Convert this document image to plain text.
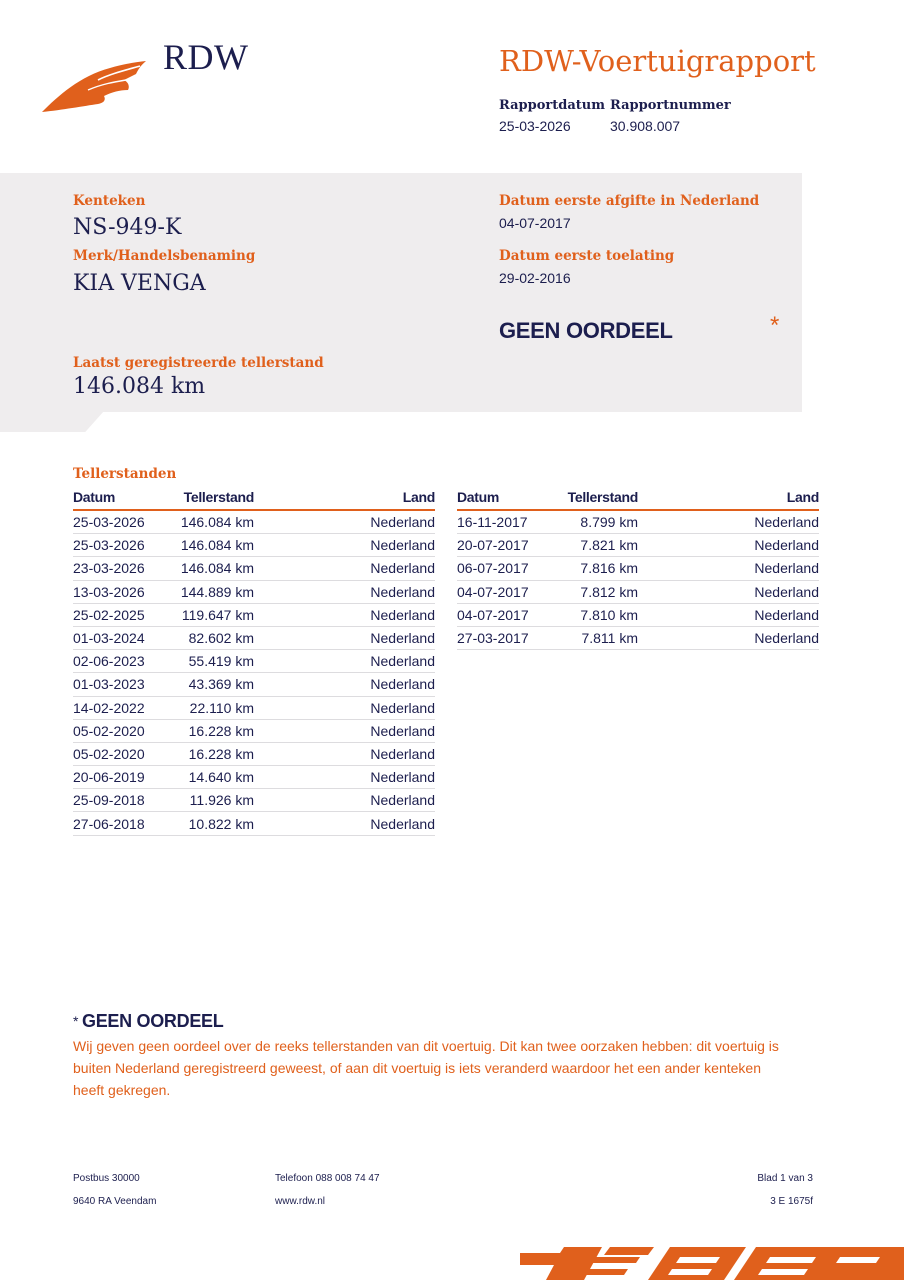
RDW	RDW-Voertuigrapport
Rapportdatum
25-03-2026
Rapportnummer
30.908.007
Kenteken
NS-949-K
Merk/Handelsbenaming
KIA VENGA
Laatst geregistreerde tellerstand
146.084 km
Datum eerste afgifte in Nederland
04-07-2017
Datum eerste toelating
29-02-2016
GEEN OORDEEL	*
Tellerstanden
Datum	Tellerstand	Land
25-03-2026	146.084 km	Nederland
25-03-2026	146.084 km	Nederland
23-03-2026	146.084 km	Nederland
13-03-2026	144.889 km	Nederland
25-02-2025	119.647 km	Nederland
01-03-2024	82.602 km	Nederland
02-06-2023	55.419 km	Nederland
01-03-2023	43.369 km	Nederland
14-02-2022	22.110 km	Nederland
05-02-2020	16.228 km	Nederland
05-02-2020	16.228 km	Nederland
20-06-2019	14.640 km	Nederland
25-09-2018	11.926 km	Nederland
27-06-2018	10.822 km	Nederland
Datum	Tellerstand	Land
16-11-2017	8.799 km	Nederland
20-07-2017	7.821 km	Nederland
06-07-2017	7.816 km	Nederland
04-07-2017	7.812 km	Nederland
04-07-2017	7.810 km	Nederland
27-03-2017	7.811 km	Nederland
* GEEN OORDEEL
Wij geven geen oordeel over de reeks tellerstanden van dit voertuig. Dit kan twee oorzaken hebben: dit voertuig is buiten Nederland geregistreerd geweest, of aan dit voertuig is iets veranderd waardoor het een ander kenteken heeft gekregen.
Postbus 30000
9640 RA Veendam
Telefoon 088 008 74 47
www.rdw.nl
Blad 1 van 3
3 E 1675f
